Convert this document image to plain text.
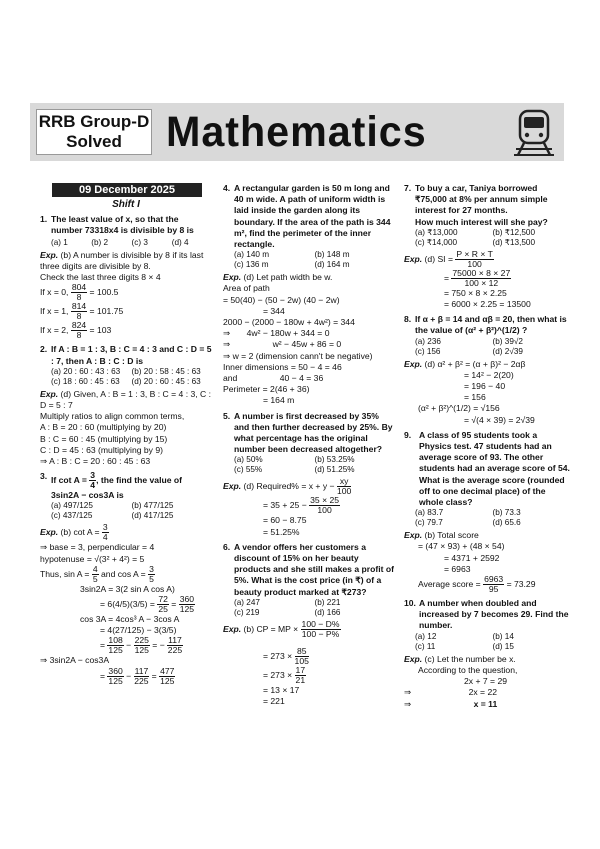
RRB Group-D
Solved	Mathematics
09 December 2025
Shift I
1. The least value of x, so that the number 73318x4 is divisible by 8 is
(a) 1	(b) 2	(c) 3	(d) 4
Exp. (b) A number is divisible by 8 if its last three digits are divisible by 8.
Check the last three digits 8 × 4
If x = 0, $\frac{804}{8} = 100.5$
If x = 1, $\frac{814}{8} = 101.75$
If x = 2, $\frac{824}{8} = 103$
2. If A : B = 1 : 3, B : C = 4 : 3 and C : D = 5 : 7, then A : B : C : D is
(a) 20 : 60 : 43 : 63	(b) 20 : 58 : 45 : 63
(c) 18 : 60 : 45 : 63	(d) 20 : 60 : 45 : 63
Exp. (d) Given, A : B = 1 : 3, B : C = 4 : 3, C : D = 5 : 7
Multiply ratios to align common terms,
A : B = 20 : 60 (multiplying by 20)
B : C = 60 : 45 (multiplying by 15)
C : D = 45 : 63 (multiplying by 9)
⇒ A : B : C = 20 : 60 : 45 : 63
3. If $\cot A = \frac{3}{4}$ , the find the value of 3sin2A − cos3A is
(a) 497/125	(b) 477/125
(c) 437/125	(d) 417/125
Exp. (b) $\cot A = \frac{3}{4}$
⇒ base = 3, perpendicular = 4
hypotenuse = √(3² + 4²) = 5
Thus, $\sin A = \frac{4}{5}$ and $\cos A = \frac{3}{5}$
3sin2A = 3(2 sin A cos A)
= $6(4/5)(3/5) = \frac{72}{25} = \frac{360}{125}$
cos 3A = 4cos³ A − 3cos A
= 4(27/125) − 3(3/5)
= $\frac{108}{125} - \frac{225}{125}$ = − $\frac{117}{225}$
⇒ 3sin2A − cos3A
= $\frac{360}{125} - \frac{117}{225} = \frac{477}{125}$
4. A rectangular garden is 50 m long and 40 m wide. A path of uniform width is laid inside the garden along its boundary. If the area of the path is 344 m², find the perimeter of the inner rectangle.
(a) 140 m	(b) 148 m
(c) 136 m	(d) 164 m
Exp. (d) Let path width be w.
Area of path
= 50(40) − (50 − 2w) (40 − 2w)
= 344
2000 − (2000 − 180w + 4w²) = 344
⇒ 4w² − 180w + 344 = 0
⇒	w² − 45w + 86 = 0
⇒ w = 2 (dimension cann't be negative)
Inner dimensions = 50 − 4 = 46
and	40 − 4 = 36
Perimeter = 2(46 + 36)
= 164 m
5. A number is first decreased by 35% and then further decreased by 25%. By what percentage has the original number been decreased altogether?
(a) 50%	(b) 53.25%
(c) 55%	(d) 51.25%
Exp. (d) Required% = $x + y - \frac{xy}{100}$
= $35 + 25 - \frac{35 \times 25}{100}$
= 60 − 8.75
= 51.25%
6. A vendor offers her customers a discount of 15% on her beauty products and she still makes a profit of 5%. What is the cost price (in ₹) of a beauty product marked at ₹273?
(a) 247	(b) 221
(c) 219	(d) 166
Exp. (b) CP = MP × $\frac{100 - D\%}{100 - P\%}$
= $273 \times \frac{85}{105}$
= $273 \times \frac{17}{21}$
= 13 × 17
= 221
7. To buy a car, Taniya borrowed ₹75,000 at 8% per annum simple interest for 27 months.
How much interest will she pay?
(a) ₹13,000	(b) ₹12,500
(c) ₹14,000	(d) ₹13,500
Exp. (d) SI = $\frac{P \times R \times T}{100}$
= $\frac{75000 \times 8 \times 27}{100 \times 12}$
= 750 × 8 × 2.25
= 6000 × 2.25 = 13500
8. If α + β = 14 and αβ = 20, then what is the value of (α² + β²)^(1/2) ?
(a) 236	(b) 39√2
(c) 156	(d) 2√39
Exp. (d) α² + β² = (α + β)² − 2αβ
= 14² − 2(20)
= 196 − 40
= 156
(α² + β²)^(1/2) = √156
= √(4 × 39) = 2√39
9. A class of 95 students took a Physics test. 47 students had an average score of 93. The other students had an average score of 54. What is the average score (rounded off to one decimal place) of the whole class?
(a) 83.7	(b) 73.3
(c) 79.7	(d) 65.6
Exp. (b) Total score
= (47 × 93) + (48 × 54)
= 4371 + 2592
= 6963
Average score = $\frac{6963}{95} = 73.29$
10. A number when doubled and increased by 7 becomes 29. Find the number.
(a) 12	(b) 14
(c) 11	(d) 15
Exp. (c) Let the number be x.
According to the question,
2x + 7 = 29
⇒	2x = 22
⇒	x = 11
